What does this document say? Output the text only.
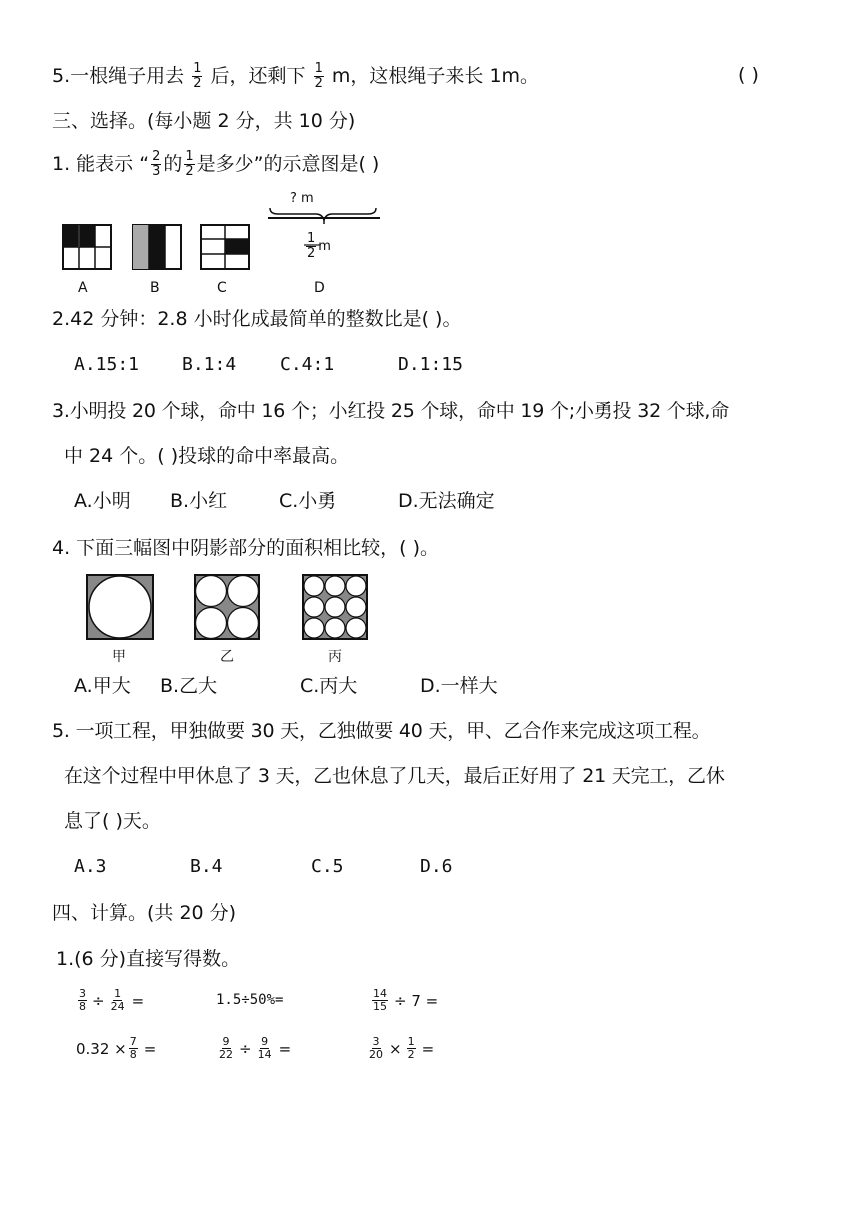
5.一根绳子用去 $\frac{1}{2}$ 后，还剩下 $\frac{1}{2}$ m，这根绳子来长 1m。	( )
三、选择。(每小题 2 分，共 10 分)
1. 能表示 “ $\frac{2}{3}$ 的 $\frac{1}{2}$ 是多少”的示意图是( )
A	B	C
? m
$\frac{1}{2}$ m
D
2.42 分钟：2.8 小时化成最简单的整数比是( )。
A.15:1 B.1:4 C.4:1	D.1:15
3.小明投 20 个球，命中 16 个；小红投 25 个球，命中 19 个;小勇投 32 个球,命
中 24 个。( )投球的命中率最高。
A.小明 B.小红	C.小勇	D.无法确定
4. 下面三幅图中阴影部分的面积相比较，( )。
甲	乙	丙
A.甲大 B.乙大	C.丙大	D.一样大
5. 一项工程，甲独做要 30 天，乙独做要 40 天，甲、乙合作来完成这项工程。
在这个过程中甲休息了 3 天，乙也休息了几天，最后正好用了 21 天完工，乙休
息了( )天。
A.3	B.4	C.5	D.6
四、计算。(共 20 分)
1.(6 分)直接写得数。
$\frac{3}{8} \div \frac{1}{24}$ =	1.5÷50%=	$\frac{14}{15} \div 7$ =
$0.32 \times \frac{7}{8}$ =	$\frac{9}{22} \div \frac{9}{14}$ =	$\frac{3}{20} \times \frac{1}{2}$ =
